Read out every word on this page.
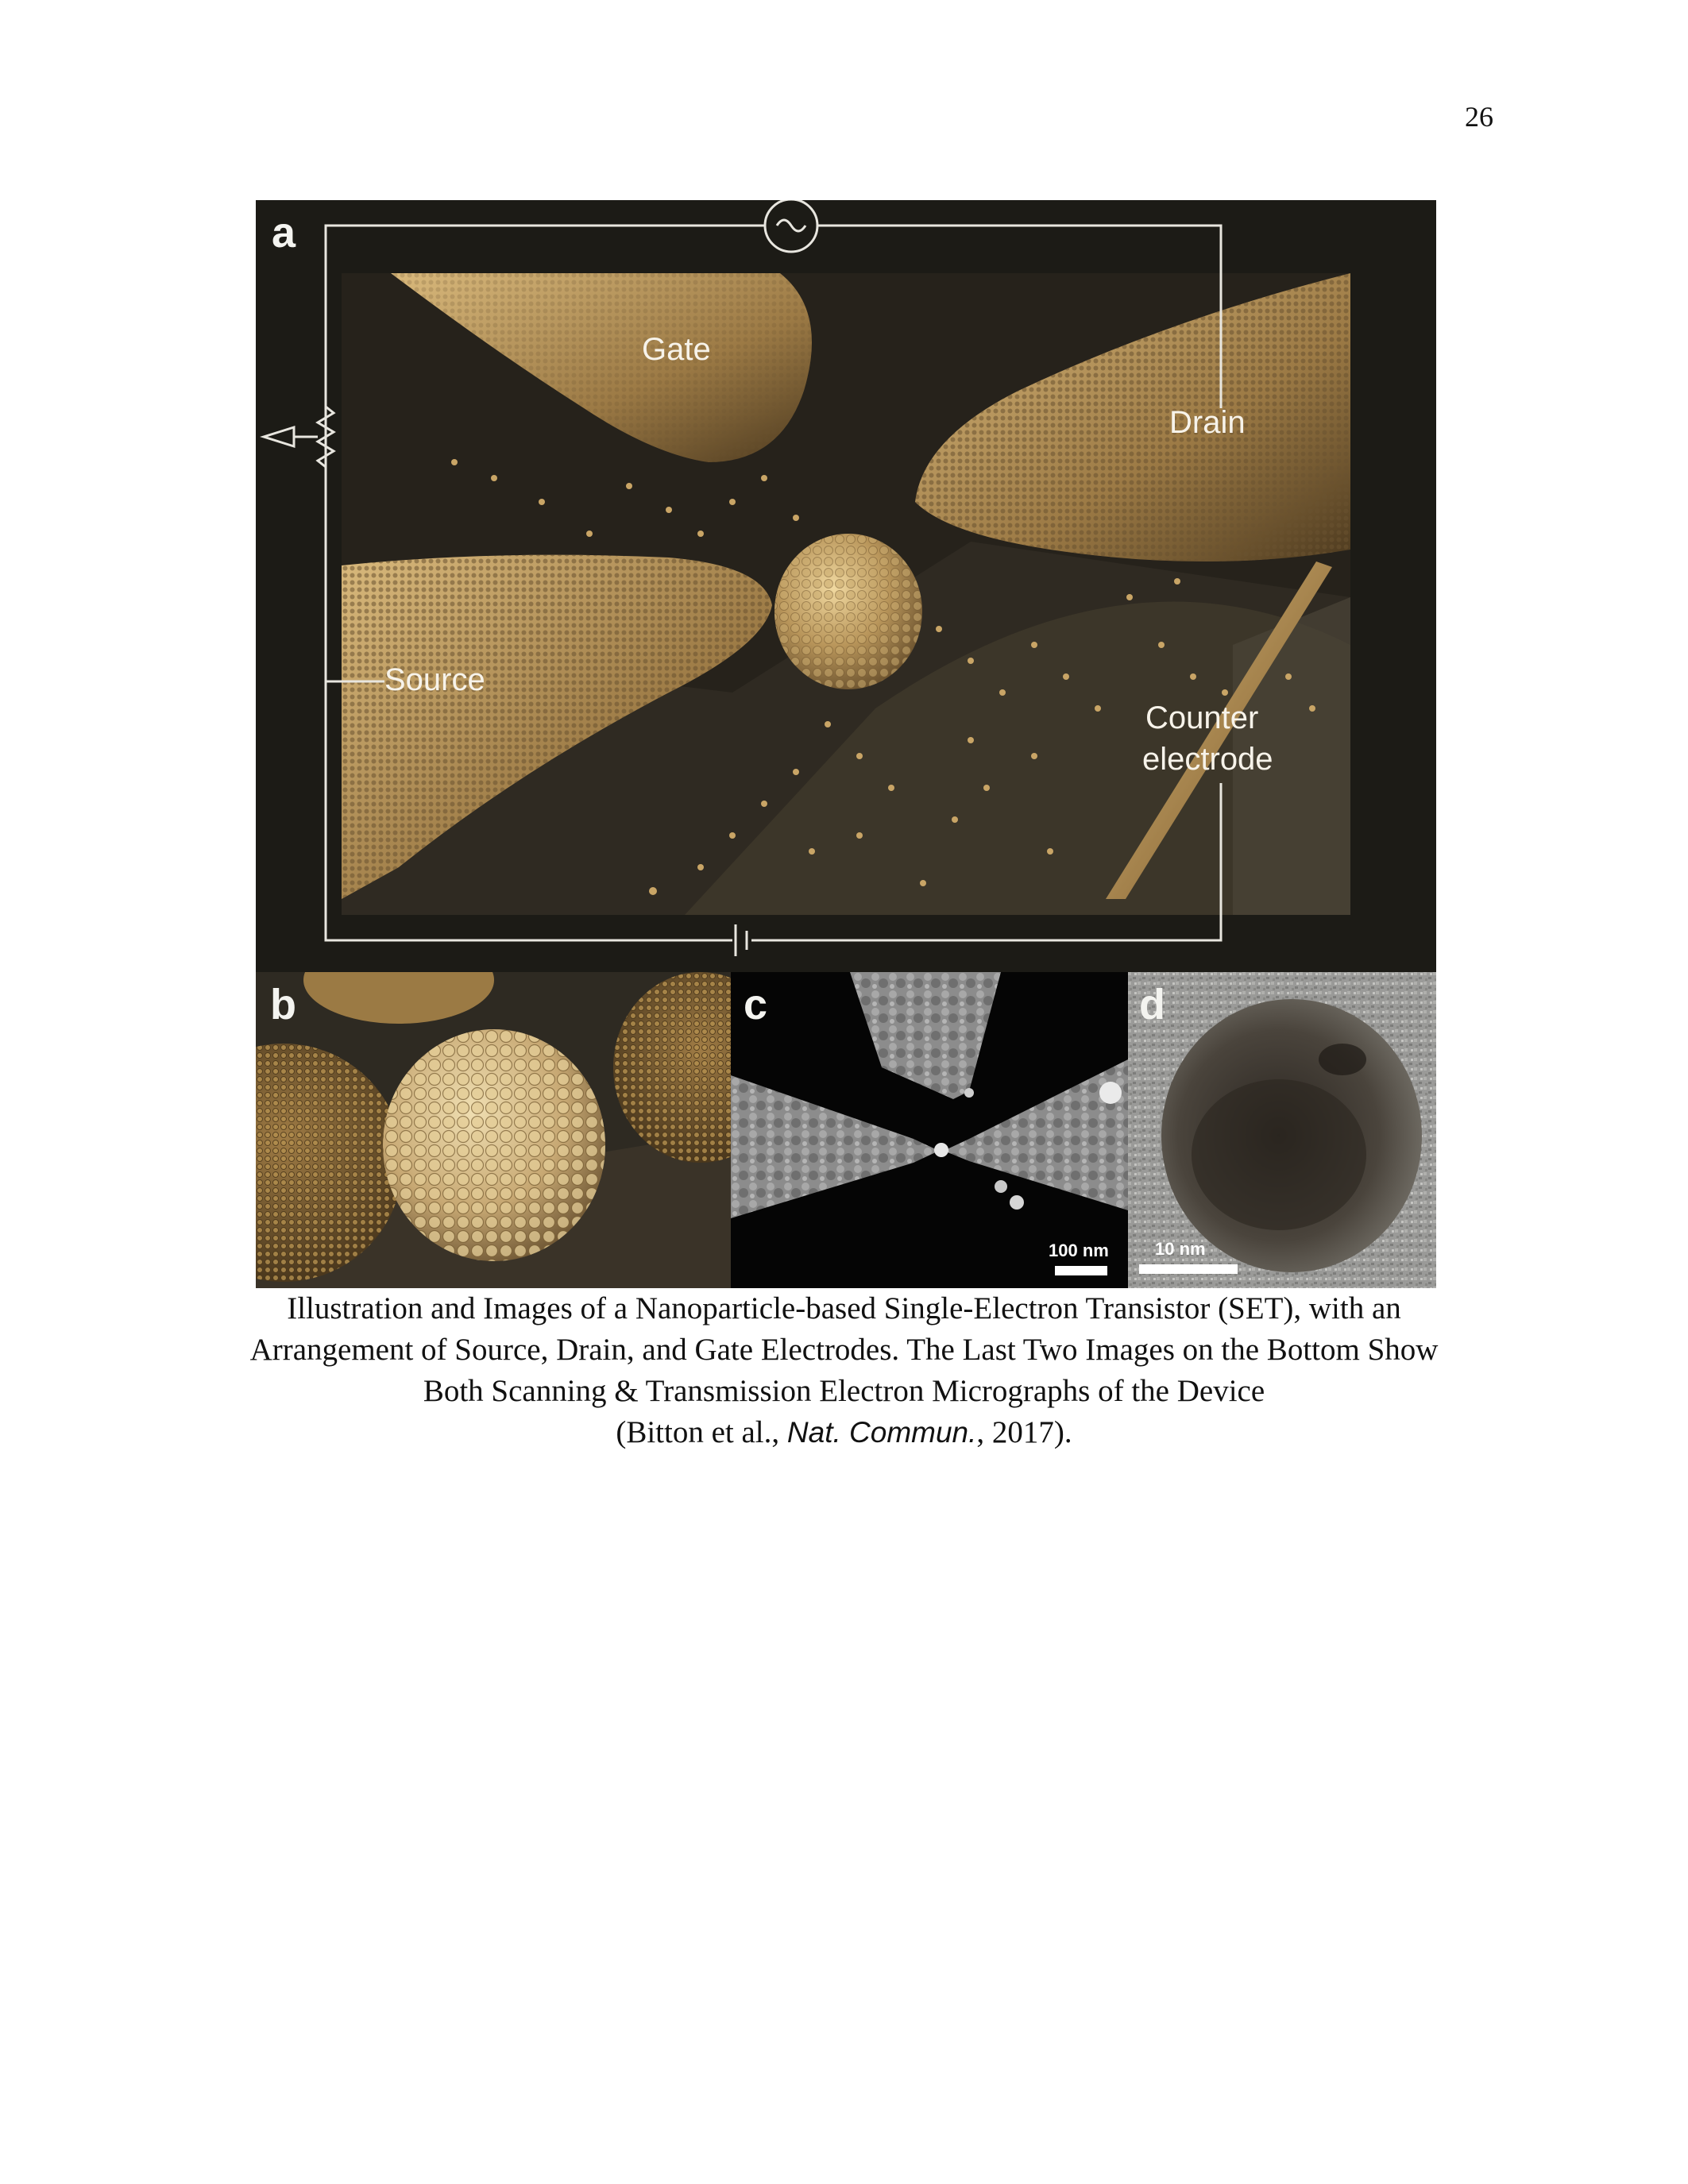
26
a
Gate
Drain
Source
Counter
electrode
b	c
100 nm
d
10 nm
Illustration and Images of a Nanoparticle-based Single-Electron Transistor (SET), with an
Arrangement of Source, Drain, and Gate Electrodes. The Last Two Images on the Bottom Show
Both Scanning & Transmission Electron Micrographs of the Device
(Bitton et al., Nat. Commun., 2017).
